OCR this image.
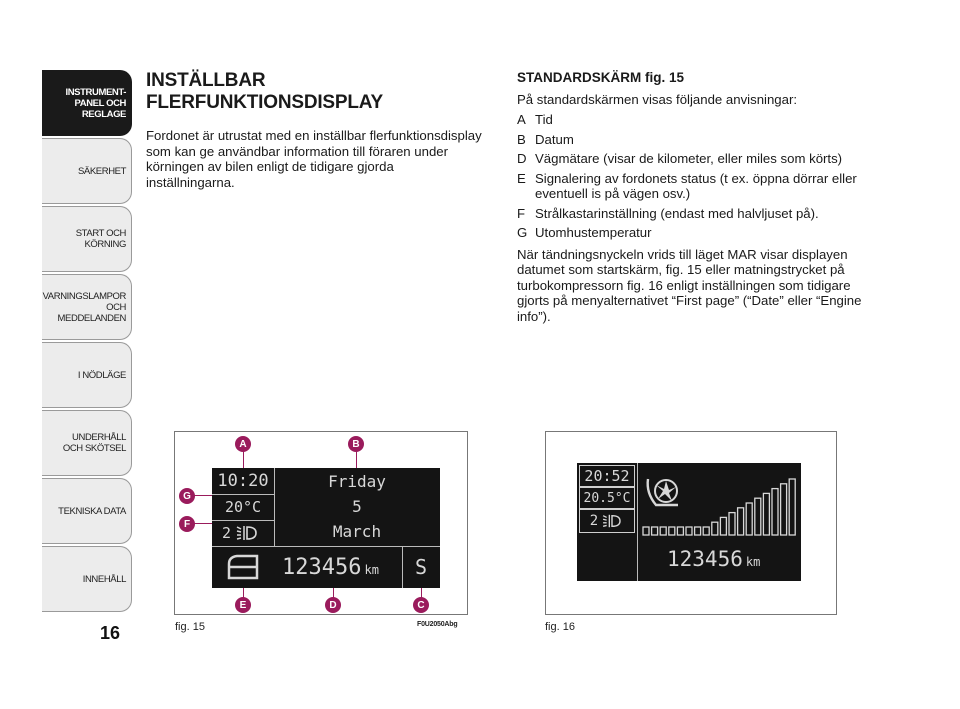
INSTRUMENT-
PANEL OCH
REGLAGE
SÄKERHET
START OCH
KÖRNING
VARNINGSLAMPOR
OCH
MEDDELANDEN
I NÖDLÄGE
UNDERHÅLL
OCH SKÖTSEL
TEKNISKA DATA
INNEHÅLL
16
INSTÄLLBAR
FLERFUNKTIONSDISPLAY
Fordonet är utrustat med en inställbar flerfunktionsdisplay som kan ge användbar information till föraren under körningen av bilen enligt de tidigare gjorda inställningarna.
STANDARDSKÄRM fig. 15
På standardskärmen visas följande anvisningar:
A Tid
B Datum
D Vägmätare (visar de kilometer, eller miles som körts)
E Signalering av fordonets status (t ex. öppna dörrar eller eventuell is på vägen osv.)
F Strålkastarinställning (endast med halvljuset på).
G Utomhustemperatur
När tändningsnyckeln vrids till läget MAR visar displayen datumet som startskärm, fig. 15 eller matningstrycket på turbokompressorn fig. 16 enligt inställningen som tidigare gjorts på menyalternativet “First page” (“Date” eller “Engine info”).
10:20
20°C
2
Friday
5
March
123456 km	S
A	B
G
F
E	D	C
fig. 15	F0U2050Abg
20:52
20.5°C
2
123456 km
fig. 16
